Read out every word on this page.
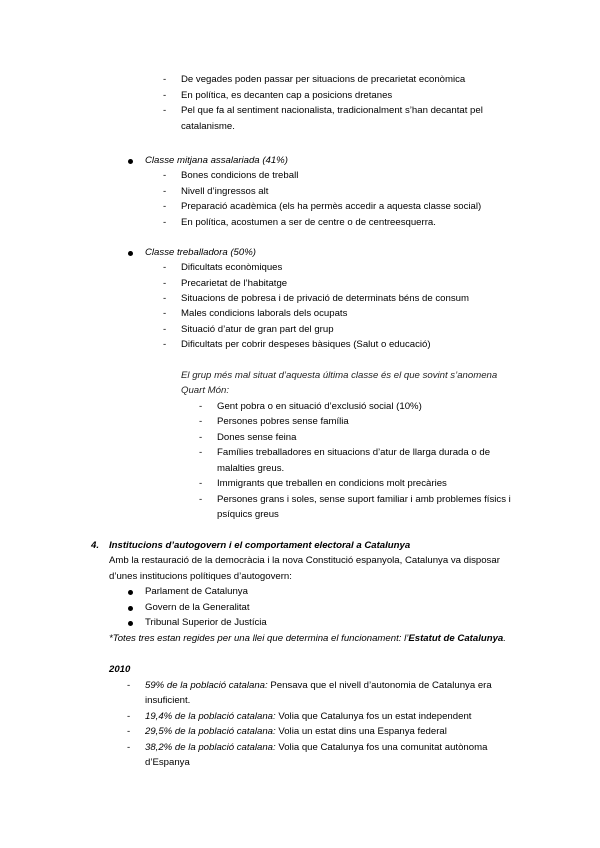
- De vegades poden passar per situacions de precarietat econòmica
- En política, es decanten cap a posicions dretanes
- Pel que fa al sentiment nacionalista, tradicionalment s’han decantat pel
catalanisme.
Classe mitjana assalariada (41%)
- Bones condicions de treball
- Nivell d’ingressos alt
- Preparació acadèmica (els ha permès accedir a aquesta classe social)
- En política, acostumen a ser de centre o de centreesquerra.
Classe treballadora (50%)
- Dificultats econòmiques
- Precarietat de l’habitatge
- Situacions de pobresa i de privació de determinats béns de consum
- Males condicions laborals dels ocupats
- Situació d’atur de gran part del grup
- Dificultats per cobrir despeses bàsiques (Salut o educació)
El grup més mal situat d’aquesta última classe és el que sovint s’anomena
Quart Món:
- Gent pobra o en situació d’exclusió social (10%)
- Persones pobres sense família
- Dones sense feina
- Famílies treballadores en situacions d’atur de llarga durada o de
malalties greus.
- Immigrants que treballen en condicions molt precàries
- Persones grans i soles, sense suport familiar i amb problemes físics i
psíquics greus
4. Institucions d’autogovern i el comportament electoral a Catalunya
Amb la restauració de la democràcia i la nova Constitució espanyola, Catalunya va disposar
d’unes institucions polítiques d’autogovern:
Parlament de Catalunya
Govern de la Generalitat
Tribunal Superior de Justícia
*Totes tres estan regides per una llei que determina el funcionament: l’Estatut de Catalunya.
2010
- 59% de la població catalana: Pensava que el nivell d’autonomia de Catalunya era
insuficient.
- 19,4% de la població catalana: Volia que Catalunya fos un estat independent
- 29,5% de la població catalana: Volia un estat dins una Espanya federal
- 38,2% de la població catalana: Volia que Catalunya fos una comunitat autònoma
d’Espanya
